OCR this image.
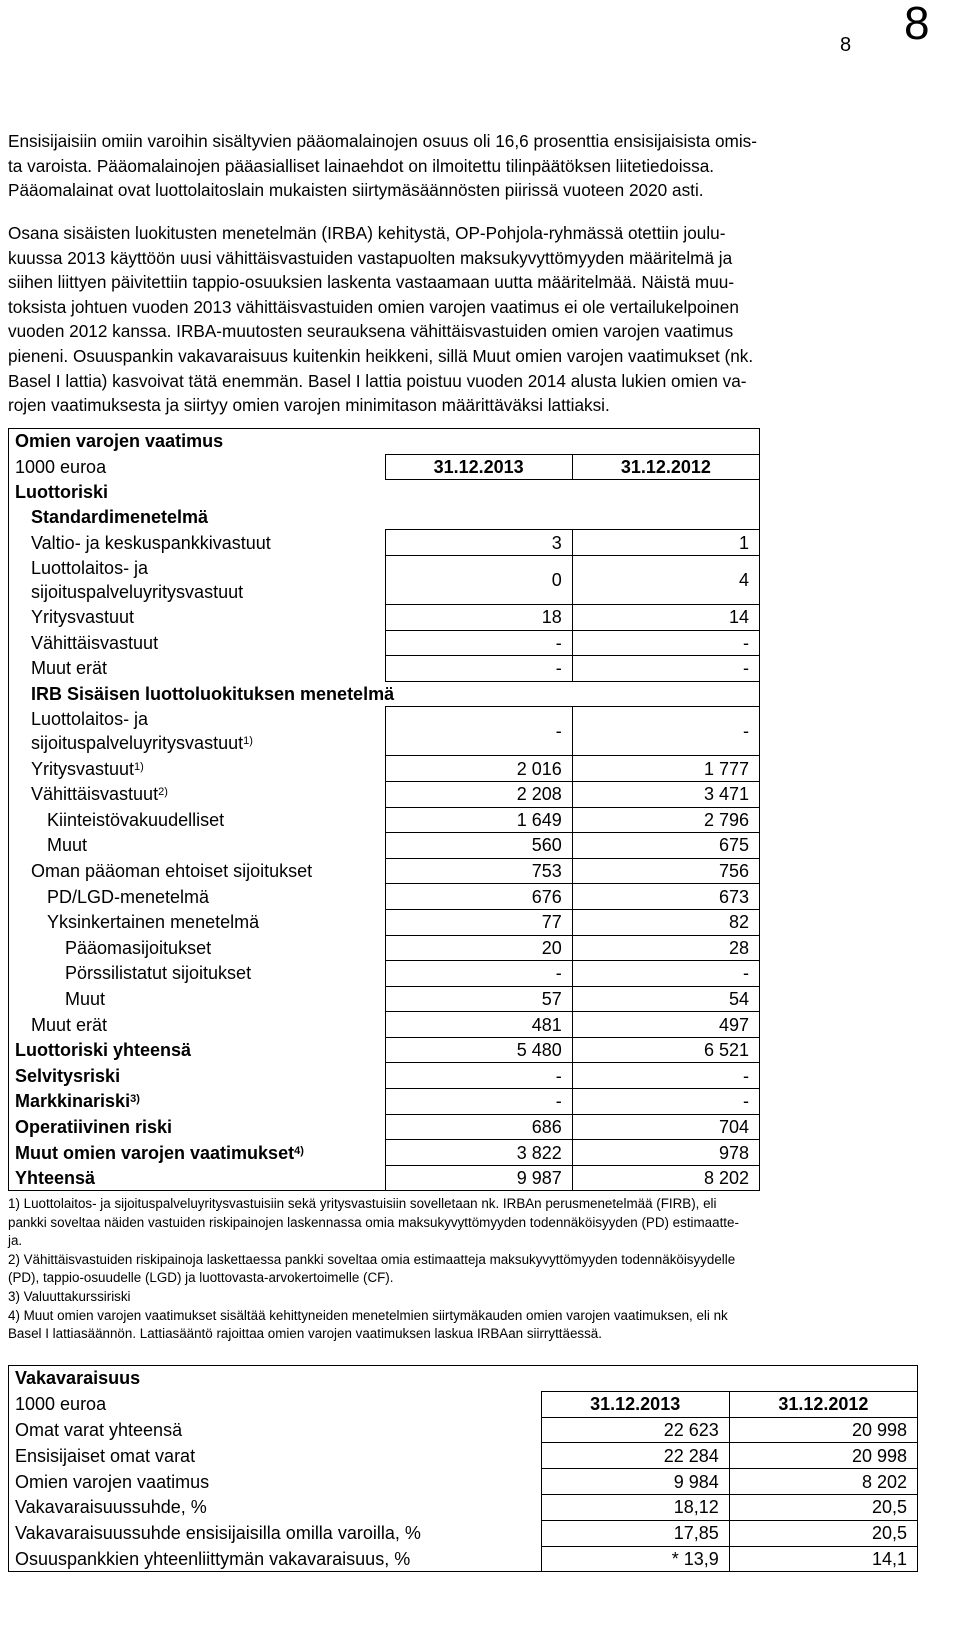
8 8

Ensisijaisiin omiin varoihin sisältyvien pääomalainojen osuus oli 16,6 prosenttia ensisijaisista omis-
ta varoista. Pääomalainojen pääasialliset lainaehdot on ilmoitettu tilinpäätöksen liitetiedoissa.
Pääomalainat ovat luottolaitoslain mukaisten siirtymäsäännösten piirissä vuoteen 2020 asti.

Osana sisäisten luokitusten menetelmän (IRBA) kehitystä, OP-Pohjola-ryhmässä otettiin joulu-
kuussa 2013 käyttöön uusi vähittäisvastuiden vastapuolten maksukyvyttömyyden määritelmä ja
siihen liittyen päivitettiin tappio-osuuksien laskenta vastaamaan uutta määritelmää. Näistä muu-
toksista johtuen vuoden 2013 vähittäisvastuiden omien varojen vaatimus ei ole vertailukelpoinen
vuoden 2012 kanssa. IRBA-muutosten seurauksena vähittäisvastuiden omien varojen vaatimus
pieneni. Osuuspankin vakavaraisuus kuitenkin heikkeni, sillä Muut omien varojen vaatimukset (nk.
Basel I lattia) kasvoivat tätä enemmän. Basel I lattia poistuu vuoden 2014 alusta lukien omien va-
rojen vaatimuksesta ja siirtyy omien varojen minimitason määrittäväksi lattiaksi.

Omien varojen vaatimus		
1000 euroa	31.12.2013	31.12.2012
Luottoriski		
Standardimenetelmä		
Valtio- ja keskuspankkivastuut	3	1
Luottolaitos- ja
sijoituspalveluyritysvastuut	0	4
Yritysvastuut	18	14
Vähittäisvastuut	-	-
Muut erät	-	-
IRB Sisäisen luottoluokituksen menetelmä		
Luottolaitos- ja
sijoituspalveluyritysvastuut$^{1)}$	-	-
Yritysvastuut$^{1)}$	2 016	1 777
Vähittäisvastuut$^{2)}$	2 208	3 471
Kiinteistövakuudelliset	1 649	2 796
Muut	560	675
Oman pääoman ehtoiset sijoitukset	753	756
PD/LGD-menetelmä	676	673
Yksinkertainen menetelmä	77	82
Pääomasijoitukset	20	28
Pörssilistatut sijoitukset	-	-
Muut	57	54
Muut erät	481	497
Luottoriski yhteensä	5 480	6 521
Selvitysriski	-	-
Markkinariski$^{3)}$	-	-
Operatiivinen riski	686	704
Muut omien varojen vaatimukset$^{4)}$	3 822	978
Yhteensä	9 987	8 202
1) Luottolaitos- ja sijoituspalveluyritysvastuisiin sekä yritysvastuisiin sovelletaan nk. IRBAn perusmenetelmää (FIRB), eli
pankki soveltaa näiden vastuiden riskipainojen laskennassa omia maksukyvyttömyyden todennäköisyyden (PD) estimaatte-
ja.
2) Vähittäisvastuiden riskipainoja laskettaessa pankki soveltaa omia estimaatteja maksukyvyttömyyden todennäköisyydelle
(PD), tappio-osuudelle (LGD) ja luottovasta-arvokertoimelle (CF).
3) Valuuttakurssiriski
4) Muut omien varojen vaatimukset sisältää kehittyneiden menetelmien siirtymäkauden omien varojen vaatimuksen, eli nk
Basel I lattiasäännön. Lattiasääntö rajoittaa omien varojen vaatimuksen laskua IRBAan siirryttäessä.
Vakavaraisuus		
1000 euroa	31.12.2013	31.12.2012
Omat varat yhteensä	22 623	20 998
Ensisijaiset omat varat	22 284	20 998
Omien varojen vaatimus	9 984	8 202
Vakavaraisuussuhde, %	18,12	20,5
Vakavaraisuussuhde ensisijaisilla omilla varoilla, %	17,85	20,5
Osuuspankkien yhteenliittymän vakavaraisuus, %	* 13,9	14,1
